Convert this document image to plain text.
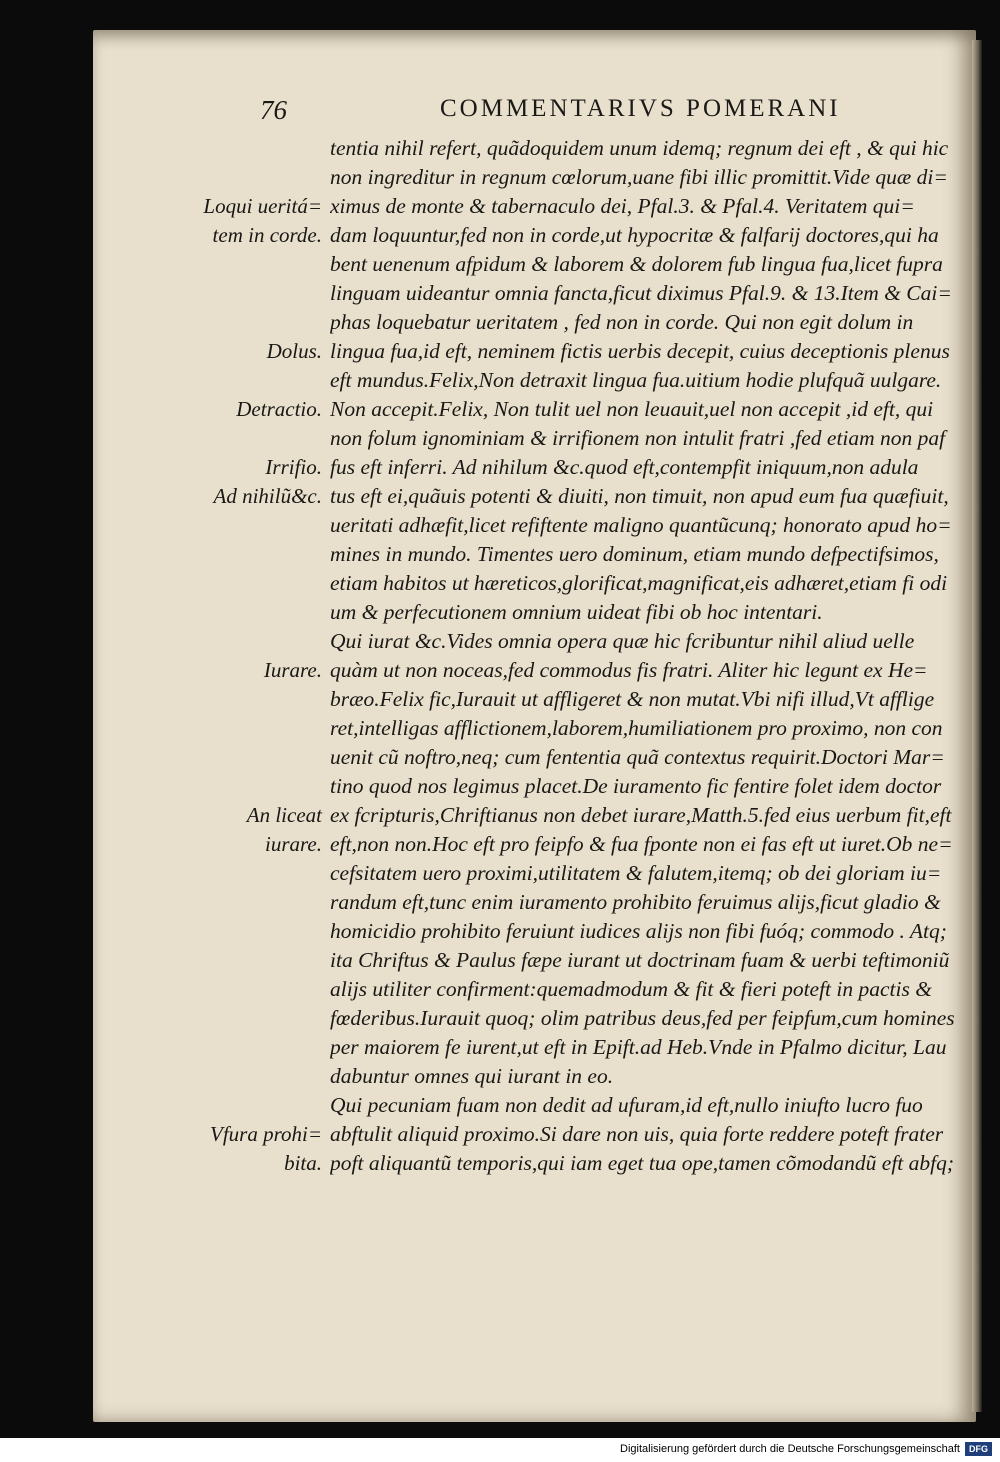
76	COMMENTARIVS POMERANI
Loqui ueritá=
tem in corde.
Dolus.
Detractio.
Irrifio.
Ad nihilũ&c.
Iurare.
An liceat
iurare.
Vfura prohi=
bita.
tentia nihil refert, quãdoquidem unum idemq; regnum dei eft , & qui hic
non ingreditur in regnum cœlorum,uane fibi illic promittit.Vide quæ di=
ximus de monte & tabernaculo dei, Pfal.3. & Pfal.4. Veritatem qui=
dam loquuntur,fed non in corde,ut hypocritæ & falfarij doctores,qui ha
bent uenenum afpidum & laborem & dolorem fub lingua fua,licet fupra
linguam uideantur omnia fancta,ficut diximus Pfal.9. & 13.Item & Cai=
phas loquebatur ueritatem , fed non in corde. Qui non egit dolum in
lingua fua,id eft, neminem fictis uerbis decepit, cuius deceptionis plenus
eft mundus.Felix,Non detraxit lingua fua.uitium hodie plufquã uulgare.
Non accepit.Felix, Non tulit uel non leuauit,uel non accepit ,id eft, qui
non folum ignominiam & irrifionem non intulit fratri ,fed etiam non paf
fus eft inferri. Ad nihilum &c.quod eft,contempfit iniquum,non adula
tus eft ei,quãuis potenti & diuiti, non timuit, non apud eum fua quæfiuit,
ueritati adhæfit,licet refiftente maligno quantũcunq; honorato apud ho=
mines in mundo. Timentes uero dominum, etiam mundo defpectifsimos,
etiam habitos ut hæreticos,glorificat,magnificat,eis adhæret,etiam fi odi
um & perfecutionem omnium uideat fibi ob hoc intentari.
Qui iurat &c.Vides omnia opera quæ hic fcribuntur nihil aliud uelle
quàm ut non noceas,fed commodus fis fratri. Aliter hic legunt ex He=
bræo.Felix fic,Iurauit ut affligeret & non mutat.Vbi nifi illud,Vt afflige
ret,intelligas afflictionem,laborem,humiliationem pro proximo, non con
uenit cũ noftro,neq; cum fententia quã contextus requirit.Doctori Mar=
tino quod nos legimus placet.De iuramento fic fentire folet idem doctor
ex fcripturis,Chriftianus non debet iurare,Matth.5.fed eius uerbum fit,eft
eft,non non.Hoc eft pro feipfo & fua fponte non ei fas eft ut iuret.Ob ne=
cefsitatem uero proximi,utilitatem & falutem,itemq; ob dei gloriam iu=
randum eft,tunc enim iuramento prohibito feruimus alijs,ficut gladio &
homicidio prohibito feruiunt iudices alijs non fibi fuóq; commodo . Atq;
ita Chriftus & Paulus fæpe iurant ut doctrinam fuam & uerbi teftimoniũ
alijs utiliter confirment:quemadmodum & fit & fieri poteft in pactis &
fœderibus.Iurauit quoq; olim patribus deus,fed per feipfum,cum homines
per maiorem fe iurent,ut eft in Epift.ad Heb.Vnde in Pfalmo dicitur, Lau
dabuntur omnes qui iurant in eo.
Qui pecuniam fuam non dedit ad ufuram,id eft,nullo iniufto lucro fuo
abftulit aliquid proximo.Si dare non uis, quia forte reddere poteft frater
poft aliquantũ temporis,qui iam eget tua ope,tamen cõmodandũ eft abfq;
Digitalisierung gefördert durch die Deutsche Forschungsgemeinschaft	DFG
